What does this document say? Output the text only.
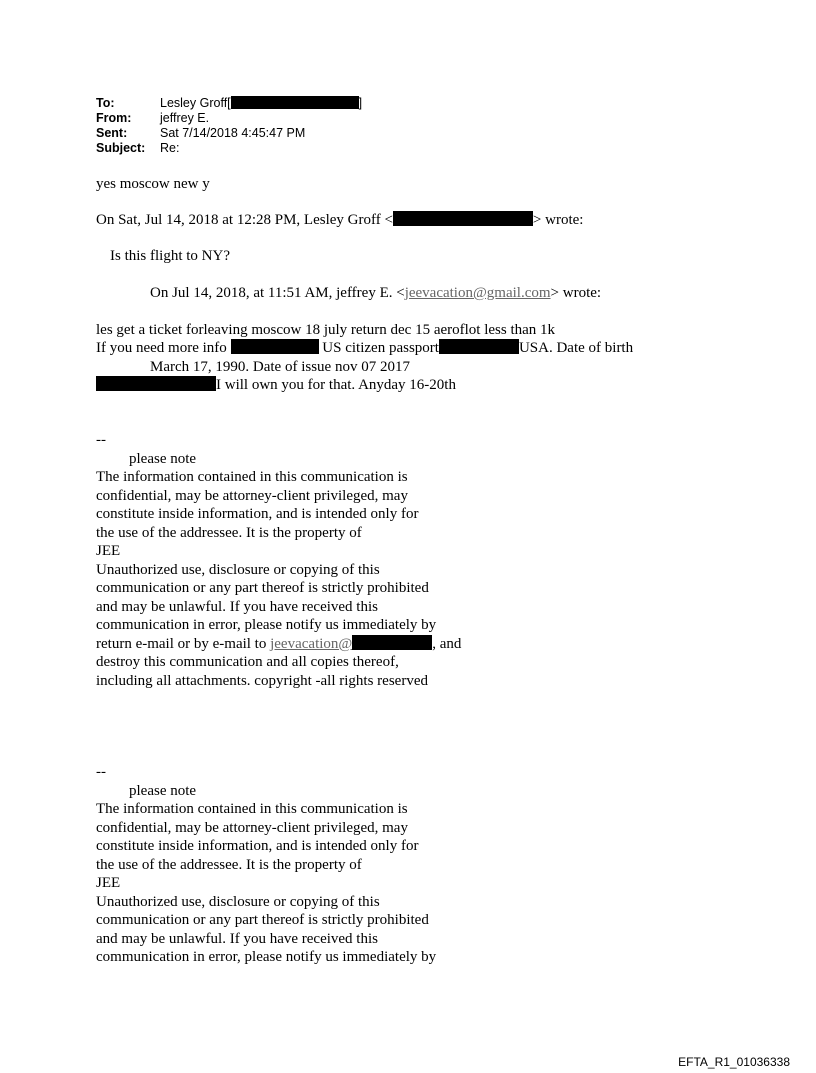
To:	Lesley Groff[	]
From:	jeffrey E.
Sent:	Sat 7/14/2018 4:45:47 PM
Subject:	Re:
yes moscow new y
On Sat, Jul 14, 2018 at 12:28 PM, Lesley Groff <	> wrote:
Is this flight to NY?
On Jul 14, 2018, at 11:51 AM, jeffrey E. <jeevacation@gmail.com> wrote:
les get a ticket forleaving moscow 18 july return dec 15 aeroflot less than 1k
If you need more info	US citizen passport	USA. Date of birth
March 17, 1990. Date of issue nov 07 2017
I will own you for that. Anyday 16-20th
--
please note
The information contained in this communication is
confidential, may be attorney-client privileged, may
constitute inside information, and is intended only for
the use of the addressee. It is the property of
JEE
Unauthorized use, disclosure or copying of this
communication or any part thereof is strictly prohibited
and may be unlawful. If you have received this
communication in error, please notify us immediately by
return e-mail or by e-mail to jeevacation@	, and
destroy this communication and all copies thereof,
including all attachments. copyright -all rights reserved
--
please note
The information contained in this communication is
confidential, may be attorney-client privileged, may
constitute inside information, and is intended only for
the use of the addressee. It is the property of
JEE
Unauthorized use, disclosure or copying of this
communication or any part thereof is strictly prohibited
and may be unlawful. If you have received this
communication in error, please notify us immediately by
EFTA_R1_01036338
